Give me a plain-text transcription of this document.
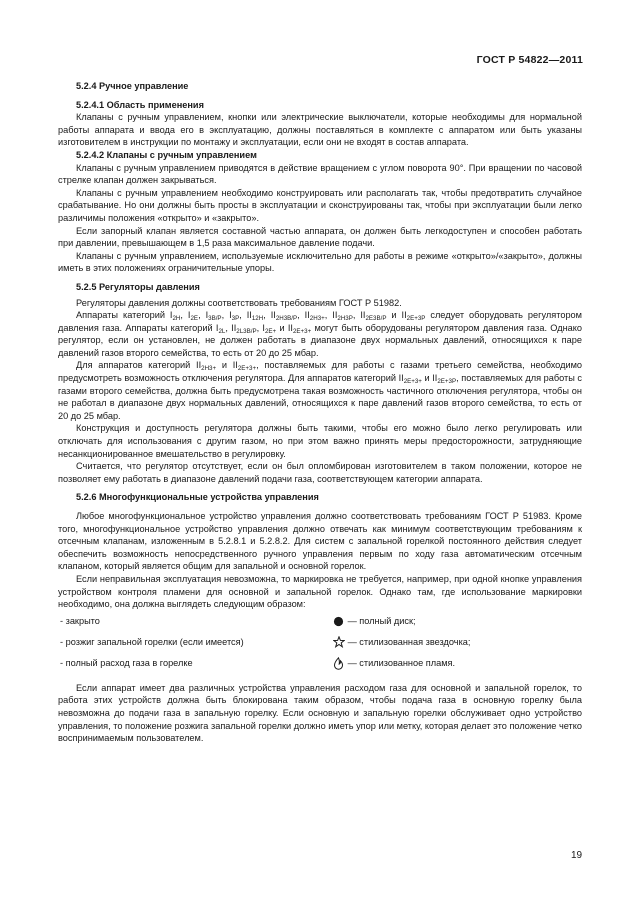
ГОСТ Р 54822—2011

5.2.4 Ручное управление

5.2.4.1 Область применения

Клапаны с ручным управлением, кнопки или электрические выключатели, которые необходимы для нормальной работы аппарата и ввода его в эксплуатацию, должны поставляться в комплекте с аппаратом или быть указаны изготовителем в инструкции по монтажу и эксплуатации, если они не входят в состав аппарата.

5.2.4.2 Клапаны с ручным управлением

Клапаны с ручным управлением приводятся в действие вращением с углом поворота 90°. При вращении по часовой стрелке клапан должен закрываться.

Клапаны с ручным управлением необходимо конструировать или располагать так, чтобы предотвратить случайное срабатывание. Но они должны быть просты в эксплуатации и сконструированы так, чтобы при эксплуатации были легко различимы положения «открыто» и «закрыто».

Если запорный клапан является составной частью аппарата, он должен быть легкодоступен и способен работать при давлении, превышающем в 1,5 раза максимальное давление подачи.

Клапаны с ручным управлением, используемые исключительно для работы в режиме «открыто»/«закрыто», должны иметь в этих положениях ограничительные упоры.

5.2.5 Регуляторы давления

Регуляторы давления должны соответствовать требованиям ГОСТ Р 51982.

Аппараты категорий $I_{2H}$, $I_{2E}$, $I_{3B/P}$, $I_{3P}$, $II_{12H}$, $II_{2H3B/P}$, $II_{2H3+}$, $II_{2H3P}$, $II_{2E3B/P}$ и $II_{2E+3P}$ следует оборудовать регулятором давления газа. Аппараты категорий $I_{2L}$, $II_{2L3B/P}$, $I_{2E+}$ и $II_{2E+3+}$ могут быть оборудованы регулятором давления газа. Однако регулятор, если он установлен, не должен работать в диапазоне двух нормальных давлений, относящихся к паре давлений газов второго семейства, то есть от 20 до 25 мбар.

Для аппаратов категорий $II_{2H3+}$ и $II_{2E+3+}$, поставляемых для работы с газами третьего семейства, необходимо предусмотреть возможность отключения регулятора. Для аппаратов категорий $II_{2E+3+}$ и $II_{2E+3P}$, поставляемых для работы с газами второго семейства, должна быть предусмотрена такая возможность частичного отключения регулятора, чтобы он не работал в диапазоне двух нормальных давлений, относящихся к паре давлений газов второго семейства, то есть от 20 до 25 мбар.

Конструкция и доступность регулятора должны быть такими, чтобы его можно было легко регулировать или отключать для использования с другим газом, но при этом важно принять меры предосторожности, затрудняющие несанкционированное вмешательство в регулировку.

Считается, что регулятор отсутствует, если он был опломбирован изготовителем в таком положении, которое не позволяет ему работать в диапазоне давлений подачи газа, соответствующем категории аппарата.

5.2.6 Многофункциональные устройства управления

Любое многофункциональное устройство управления должно соответствовать требованиям ГОСТ Р 51983. Кроме того, многофункциональное устройство управления должно отвечать как минимум соответствующим требованиям к отсечным клапанам, изложенным в 5.2.8.1 и 5.2.8.2. Для систем с запальной горелкой постоянного действия следует обеспечить возможность непосредственного ручного управления первым по ходу газа автоматическим отсечным клапаном, который является общим для запальной и основной горелок.

Если неправильная эксплуатация невозможна, то маркировка не требуется, например, при одной кнопке управления устройством контроля пламени для основной и запальной горелок. Однако там, где использование маркировки необходимо, она должна выглядеть следующим образом:

- закрыто	— полный диск;
- розжиг запальной горелки (если имеется)	— стилизованная звездочка;
- полный расход газа в горелке	— стилизованное пламя.

Если аппарат имеет два различных устройства управления расходом газа для основной и запальной горелок, то работа этих устройств должна быть блокирована таким образом, чтобы подача газа в основную горелку была невозможна до подачи газа в запальную горелку. Если основную и запальную горелки обслуживает одно устройство управления, то положение розжига запальной горелки должно иметь упор или метку, которая делает это положение четко воспринимаемым пользователем.

19
